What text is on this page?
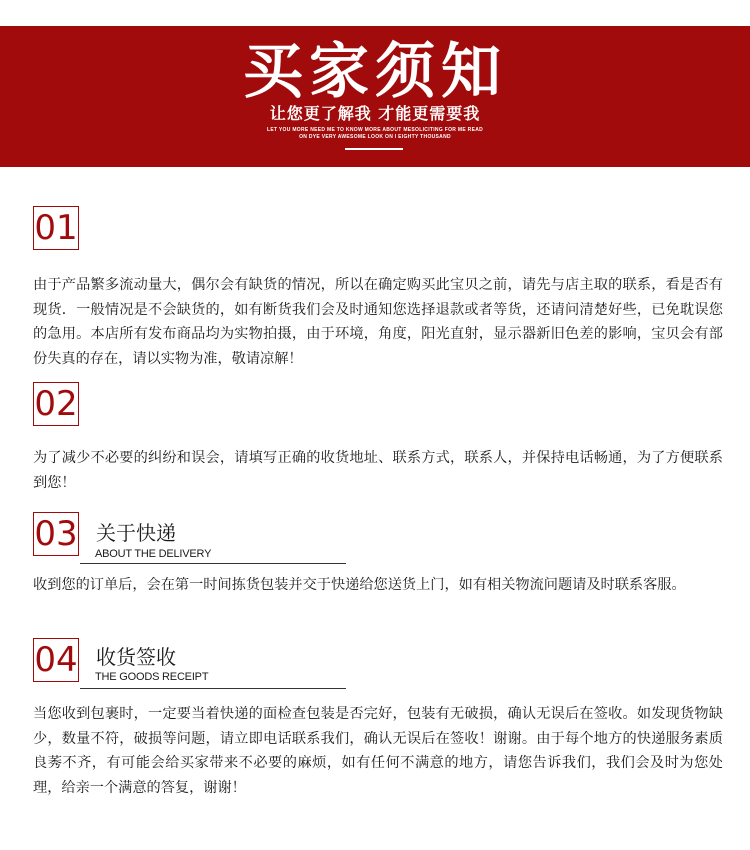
买家须知
让您更了解我 才能更需要我
LET YOU MORE NEED ME TO KNOW MORE ABOUT MESOLICITING FOR ME READ
ON DYE VERY AWESOME LOOK ON I EIGHTY THOUSAND
01
由于产品繁多流动量大，偶尔会有缺货的情况，所以在确定购买此宝贝之前，请先与店主取的联系，看是否有现货．一般情况是不会缺货的，如有断货我们会及时通知您选择退款或者等货，还请问清楚好些，已免耽误您的急用。本店所有发布商品均为实物拍摄，由于环境，角度，阳光直射，显示器新旧色差的影响，宝贝会有部份失真的存在，请以实物为准，敬请凉解！
02
为了减少不必要的纠纷和误会，请填写正确的收货地址、联系方式，联系人，并保持电话畅通，为了方便联系到您！
03 关于快递
ABOUT THE DELIVERY
收到您的订单后，会在第一时间拣货包装并交于快递给您送货上门，如有相关物流问题请及时联系客服。
04 收货签收
THE GOODS RECEIPT
当您收到包裹时，一定要当着快递的面检查包装是否完好，包装有无破损，确认无误后在签收。如发现货物缺少，数量不符，破损等问题，请立即电话联系我们，确认无误后在签收！谢谢。由于每个地方的快递服务素质良莠不齐，有可能会给买家带来不必要的麻烦，如有任何不满意的地方，请您告诉我们，我们会及时为您处理，给亲一个满意的答复，谢谢！
